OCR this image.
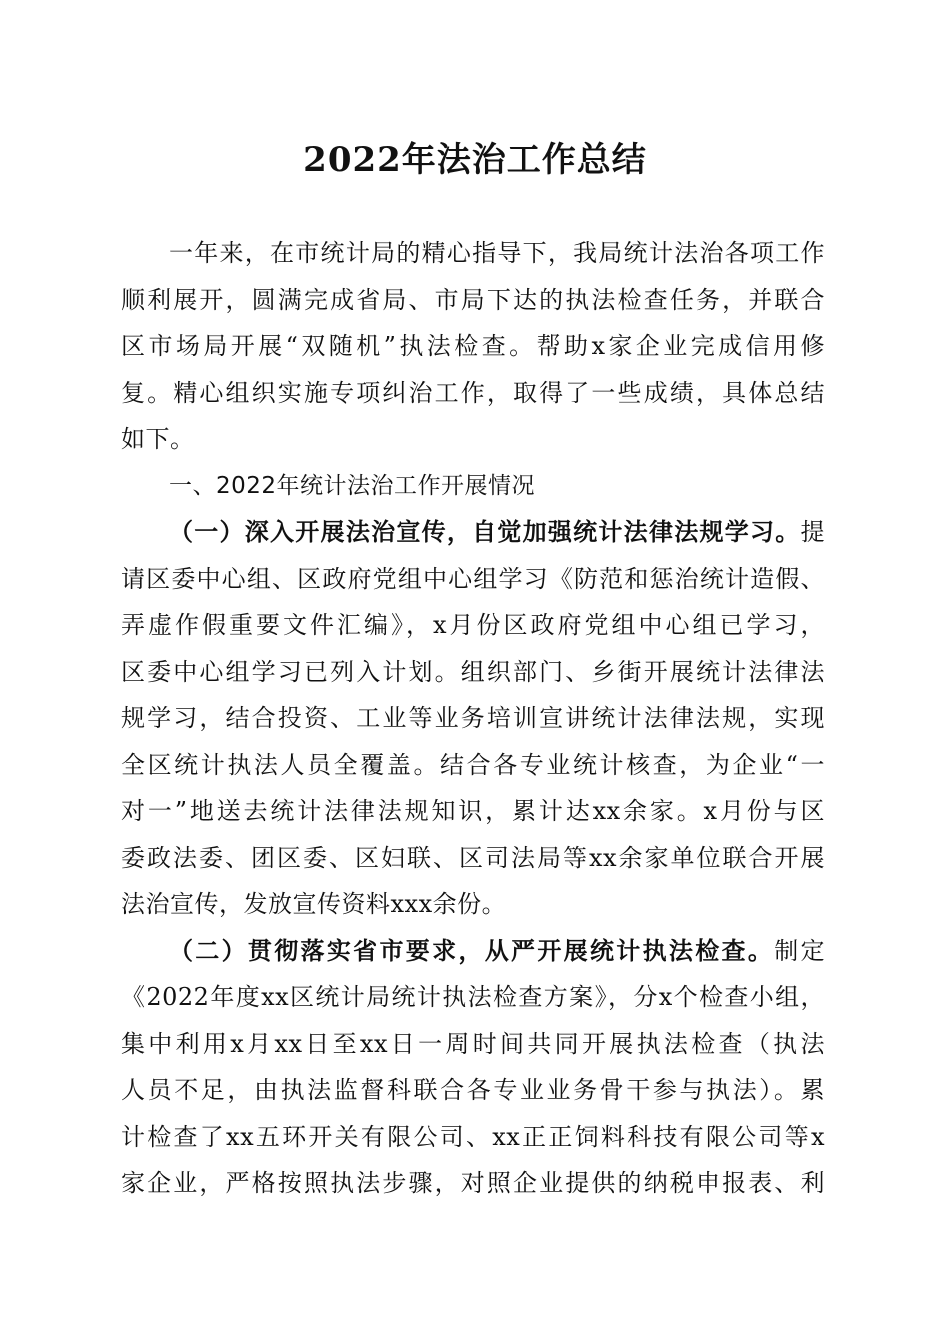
2022年法治工作总结
一年来，在市统计局的精心指导下，我局统计法治各项工作
顺利展开，圆满完成省局、市局下达的执法检查任务，并联合
区市场局开展“双随机”执法检查。帮助x家企业完成信用修
复。精心组织实施专项纠治工作，取得了一些成绩，具体总结
如下。
一、2022年统计法治工作开展情况
（一）深入开展法治宣传，自觉加强统计法律法规学习。提
请区委中心组、区政府党组中心组学习《防范和惩治统计造假、
弄虚作假重要文件汇编》，x月份区政府党组中心组已学习，
区委中心组学习已列入计划。组织部门、乡街开展统计法律法
规学习，结合投资、工业等业务培训宣讲统计法律法规，实现
全区统计执法人员全覆盖。结合各专业统计核查，为企业“一
对一”地送去统计法律法规知识，累计达xx余家。x月份与区
委政法委、团区委、区妇联、区司法局等xx余家单位联合开展
法治宣传，发放宣传资料xxx余份。
（二）贯彻落实省市要求，从严开展统计执法检查。制定
《2022年度xx区统计局统计执法检查方案》，分x个检查小组，
集中利用x月xx日至xx日一周时间共同开展执法检查（执法
人员不足，由执法监督科联合各专业业务骨干参与执法）。累
计检查了xx五环开关有限公司、xx正正饲料科技有限公司等x
家企业，严格按照执法步骤，对照企业提供的纳税申报表、利
